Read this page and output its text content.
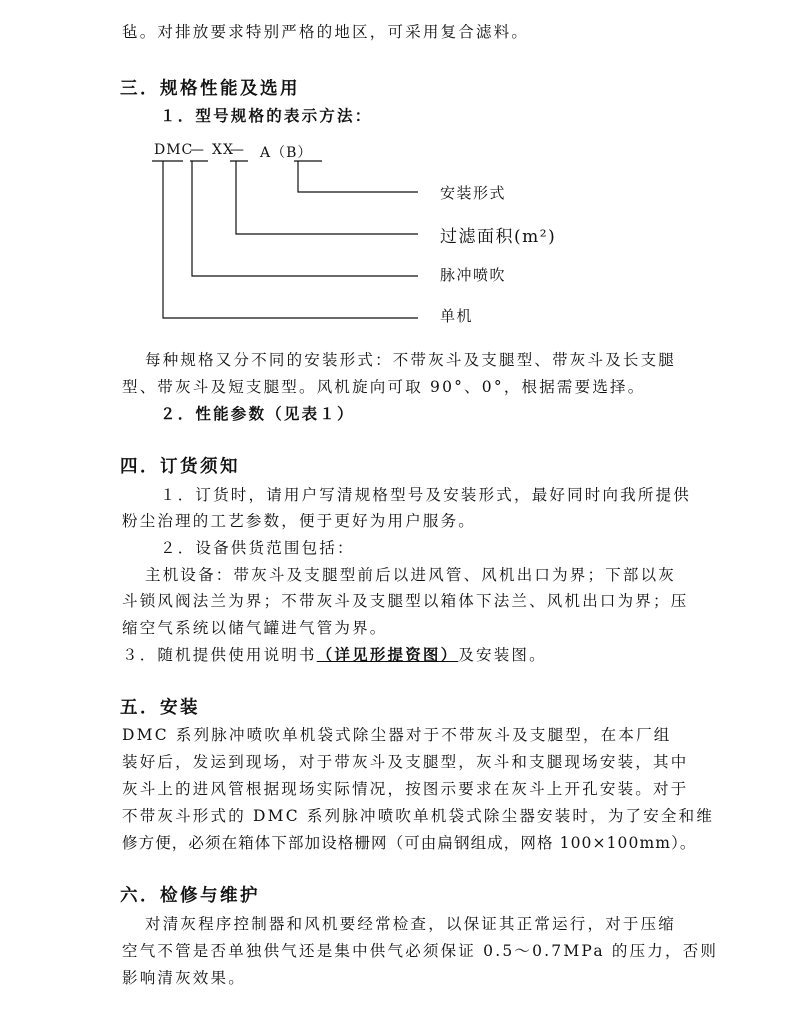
毡。对排放要求特别严格的地区，可采用复合滤料。
三．规格性能及选用
１．型号规格的表示方法：
DMC
— XX
— A（B）
安装形式
过滤面积(m²)
脉冲喷吹
单机
每种规格又分不同的安装形式：不带灰斗及支腿型、带灰斗及长支腿
型、带灰斗及短支腿型。风机旋向可取 90°、0°，根据需要选择。
２．性能参数（见表１）
四．订货须知
１．订货时，请用户写清规格型号及安装形式，最好同时向我所提供
粉尘治理的工艺参数，便于更好为用户服务。
２．设备供货范围包括：
主机设备：带灰斗及支腿型前后以进风管、风机出口为界；下部以灰
斗锁风阀法兰为界；不带灰斗及支腿型以箱体下法兰、风机出口为界；压
缩空气系统以储气罐进气管为界。
３．随机提供使用说明书（详见形提资图）及安装图。
五．安装
DMC 系列脉冲喷吹单机袋式除尘器对于不带灰斗及支腿型，在本厂组
装好后，发运到现场，对于带灰斗及支腿型，灰斗和支腿现场安装，其中
灰斗上的进风管根据现场实际情况，按图示要求在灰斗上开孔安装。对于
不带灰斗形式的 DMC 系列脉冲喷吹单机袋式除尘器安装时，为了安全和维
修方便，必须在箱体下部加设格栅网（可由扁钢组成，网格 100×100mm）。
六．检修与维护
对清灰程序控制器和风机要经常检查，以保证其正常运行，对于压缩
空气不管是否单独供气还是集中供气必须保证 0.5～0.7MPa 的压力，否则
影响清灰效果。
